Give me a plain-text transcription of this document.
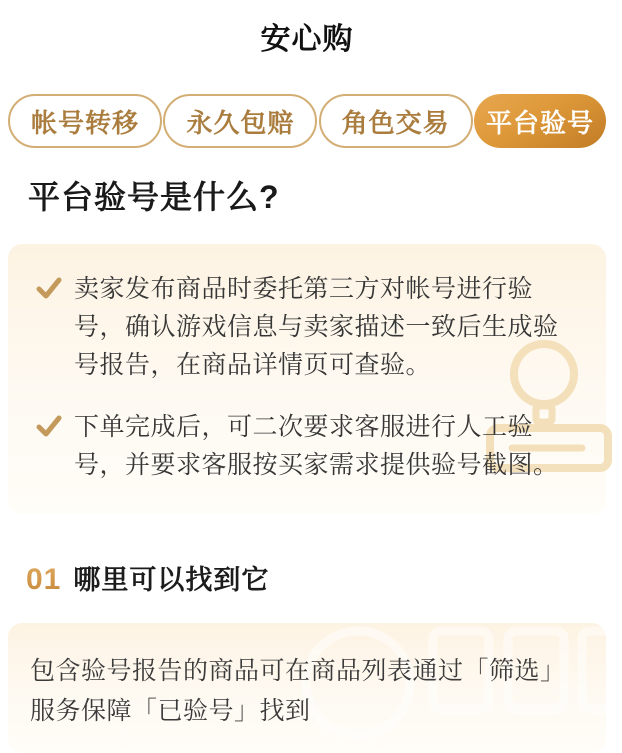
安心购
帐号转移	永久包赔	角色交易	平台验号
平台验号是什么?
卖家发布商品时委托第三方对帐号进行验号，确认游戏信息与卖家描述一致后生成验号报告，在商品详情页可查验。
下单完成后，可二次要求客服进行人工验号，并要求客服按买家需求提供验号截图。
01 哪里可以找到它
包含验号报告的商品可在商品列表通过「筛选」服务保障「已验号」找到
